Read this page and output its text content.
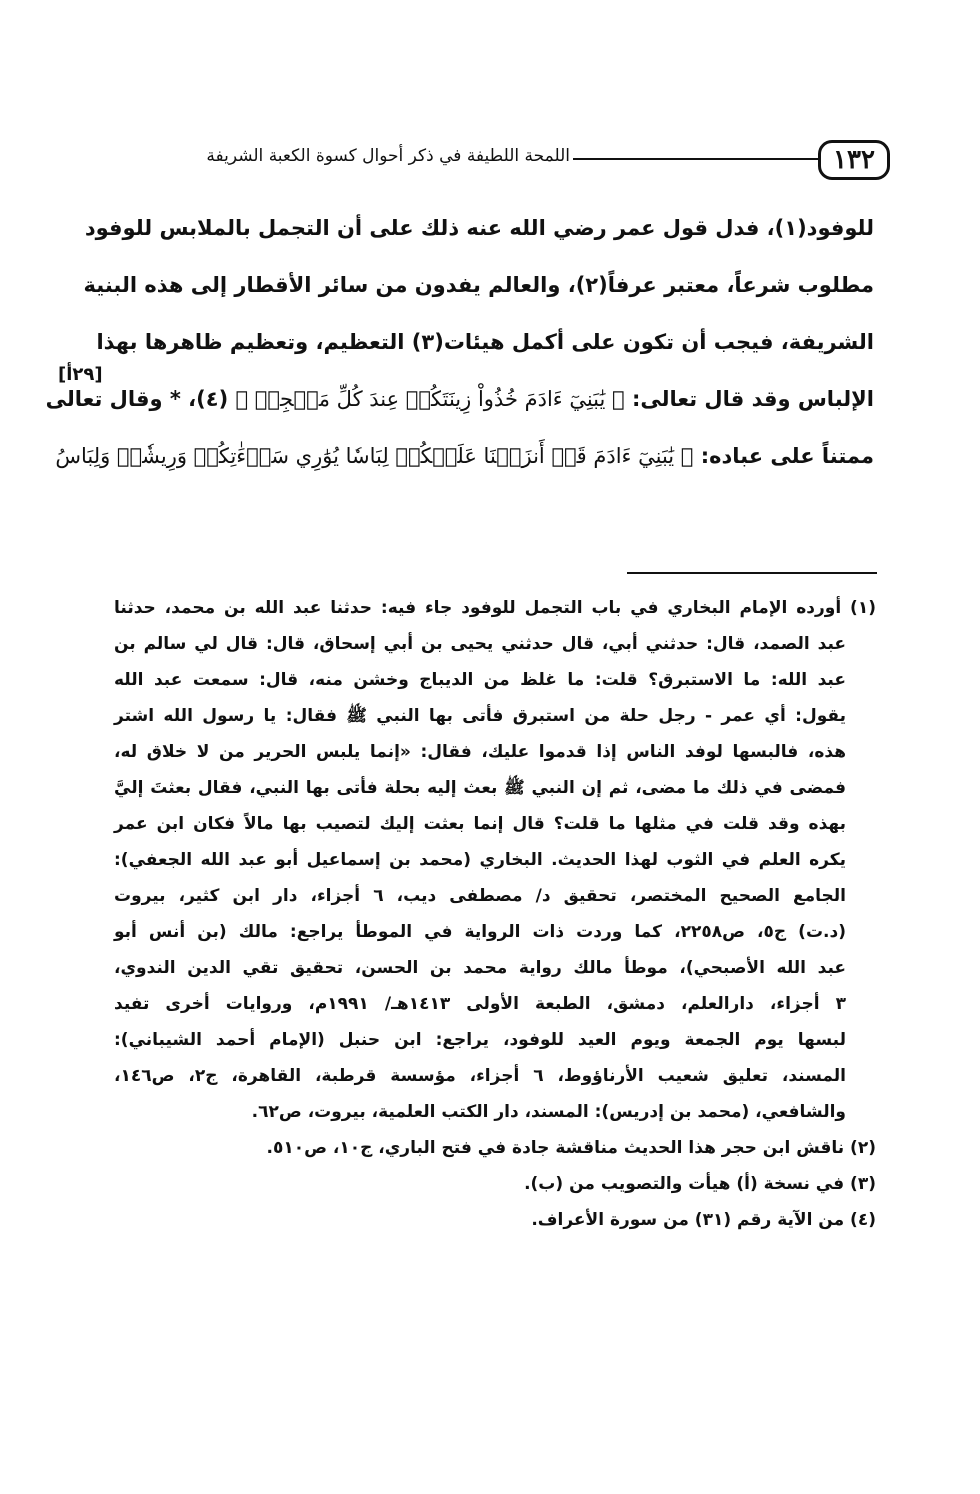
١٣٢
اللمحة اللطيفة في ذكر أحوال كسوة الكعبة الشريفة
للوفود(١)، فدل قول عمر رضي الله عنه ذلك على أن التجمل بالملابس للوفود
مطلوب شرعاً، معتبر عرفاً(٢)، والعالم يفدون من سائر الأقطار إلى هذه البنية
الشريفة، فيجب أن تكون على أكمل هيئات(٣) التعظيم، وتعظيم ظاهرها بهذا
الإلباس وقد قال تعالى: ﴿ يَٰبَنِيٓ ءَادَمَ خُذُواْ زِينَتَكُمۡ عِندَ كُلِّ مَسۡجِدٖ ﴾ (٤)، * وقال تعالى
ممتناً على عباده: ﴿ يَٰبَنِيٓ ءَادَمَ قَدۡ أَنزَلۡنَا عَلَيۡكُمۡ لِبَاسٗا يُوَٰرِي سَوۡءَٰتِكُمۡ وَرِيشٗاۖ وَلِبَاسُ
[٢٩أ]
(١) أورده الإمام البخاري في باب التجمل للوفود جاء فيه: حدثنا عبد الله بن محمد، حدثنا
عبد الصمد، قال: حدثني أبي، قال حدثني يحيى بن أبي إسحاق، قال: قال لي سالم بن
عبد الله: ما الاستبرق؟ قلت: ما غلظ من الديباج وخشن منه، قال: سمعت عبد الله
يقول: أي عمر - رجل حلة من استبرق فأتى بها النبي ﷺ فقال: يا رسول الله اشتر
هذه، فالبسها لوفد الناس إذا قدموا عليك، فقال: «إنما يلبس الحرير من لا خلاق له،
فمضى في ذلك ما مضى، ثم إن النبي ﷺ بعث إليه بحلة فأتى بها النبي، فقال بعثتَ إليَّ
بهذه وقد قلت في مثلها ما قلت؟ قال إنما بعثت إليك لتصيب بها مالاً فكان ابن عمر
يكره العلم في الثوب لهذا الحديث. البخاري (محمد بن إسماعيل أبو عبد الله الجعفي):
الجامع الصحيح المختصر، تحقيق د/ مصطفى ديب، ٦ أجزاء، دار ابن كثير، بيروت
(د.ت) ج٥، ص٢٢٥٨، كما وردت ذات الرواية في الموطأ يراجع: مالك (بن أنس أبو
عبد الله الأصبحي)، موطأ مالك رواية محمد بن الحسن، تحقيق تقي الدين الندوي،
٣ أجزاء، دارالعلم، دمشق، الطبعة الأولى ١٤١٣هـ/ ١٩٩١م، وروايات أخرى تفيد
لبسها يوم الجمعة ويوم العيد للوفود، يراجع: ابن حنبل (الإمام أحمد الشيباني):
المسند، تعليق شعيب الأرناؤوط، ٦ أجزاء، مؤسسة قرطبة، القاهرة، ج٢، ص١٤٦،
والشافعي، (محمد بن إدريس): المسند، دار الكتب العلمية، بيروت، ص٦٢.
(٢) ناقش ابن حجر هذا الحديث مناقشة جادة في فتح الباري، ج١٠، ص٥١٠.
(٣) في نسخة (أ) هيأت والتصويب من (ب).
(٤) من الآية رقم (٣١) من سورة الأعراف.
